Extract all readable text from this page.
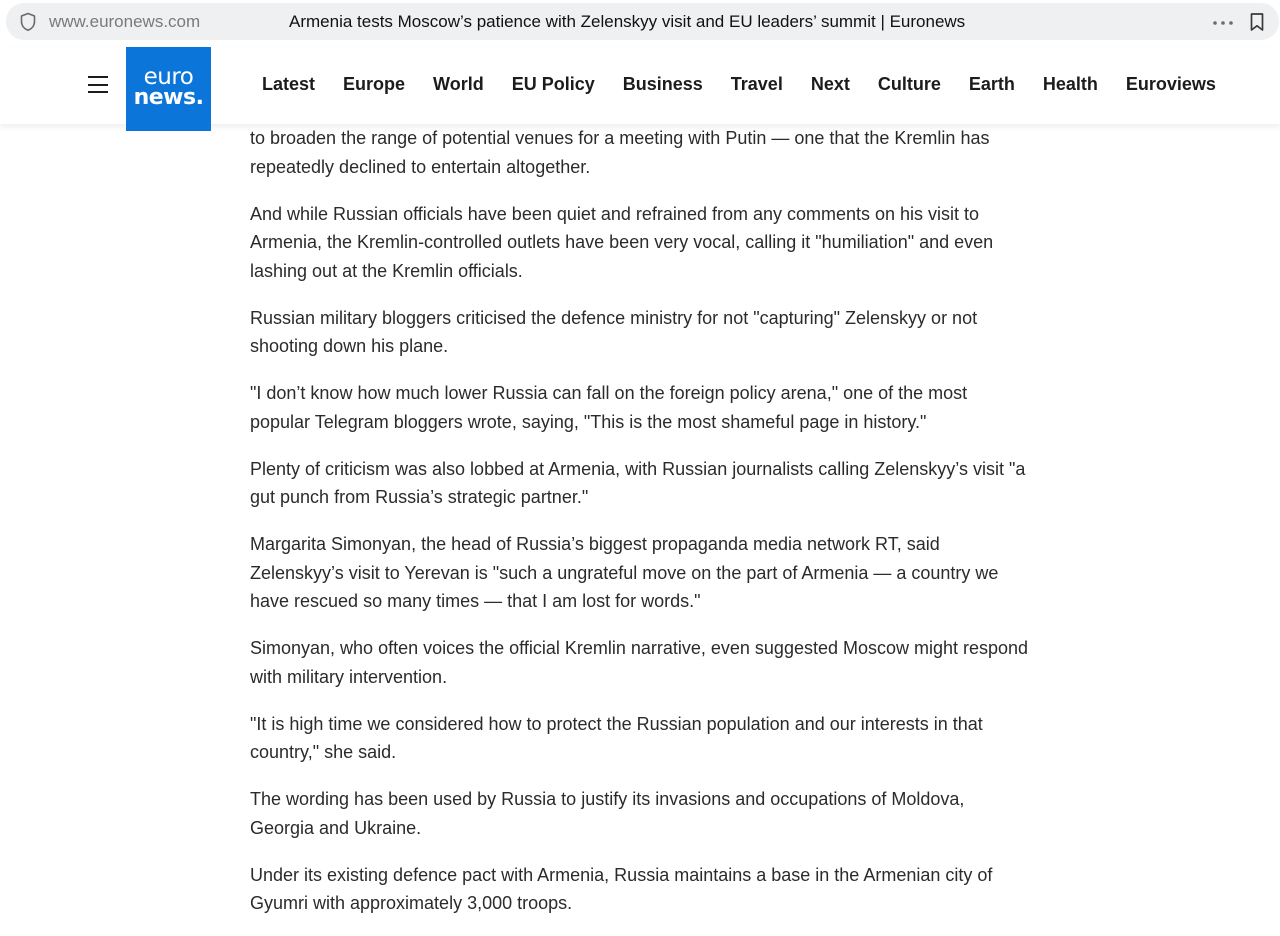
www.euronews.com	Armenia tests Moscow’s patience with Zelenskyy visit and EU leaders’ summit | Euronews
euro
news.
Latest Europe World EU Policy Business Travel Next Culture Earth Health Euroviews

to broaden the range of potential venues for a meeting with Putin — one that the Kremlin has repeatedly declined to entertain altogether.

And while Russian officials have been quiet and refrained from any comments on his visit to Armenia, the Kremlin-controlled outlets have been very vocal, calling it "humiliation" and even lashing out at the Kremlin officials.

Russian military bloggers criticised the defence ministry for not "capturing" Zelenskyy or not shooting down his plane.

"I don’t know how much lower Russia can fall on the foreign policy arena," one of the most popular Telegram bloggers wrote, saying, "This is the most shameful page in history."

Plenty of criticism was also lobbed at Armenia, with Russian journalists calling Zelenskyy’s visit "a gut punch from Russia’s strategic partner."

Margarita Simonyan, the head of Russia’s biggest propaganda media network RT, said Zelenskyy’s visit to Yerevan is "such a ungrateful move on the part of Armenia — a country we have rescued so many times — that I am lost for words."

Simonyan, who often voices the official Kremlin narrative, even suggested Moscow might respond with military intervention.

"It is high time we considered how to protect the Russian population and our interests in that country," she said.

The wording has been used by Russia to justify its invasions and occupations of Moldova, Georgia and Ukraine.

Under its existing defence pact with Armenia, Russia maintains a base in the Armenian city of Gyumri with approximately 3,000 troops.
